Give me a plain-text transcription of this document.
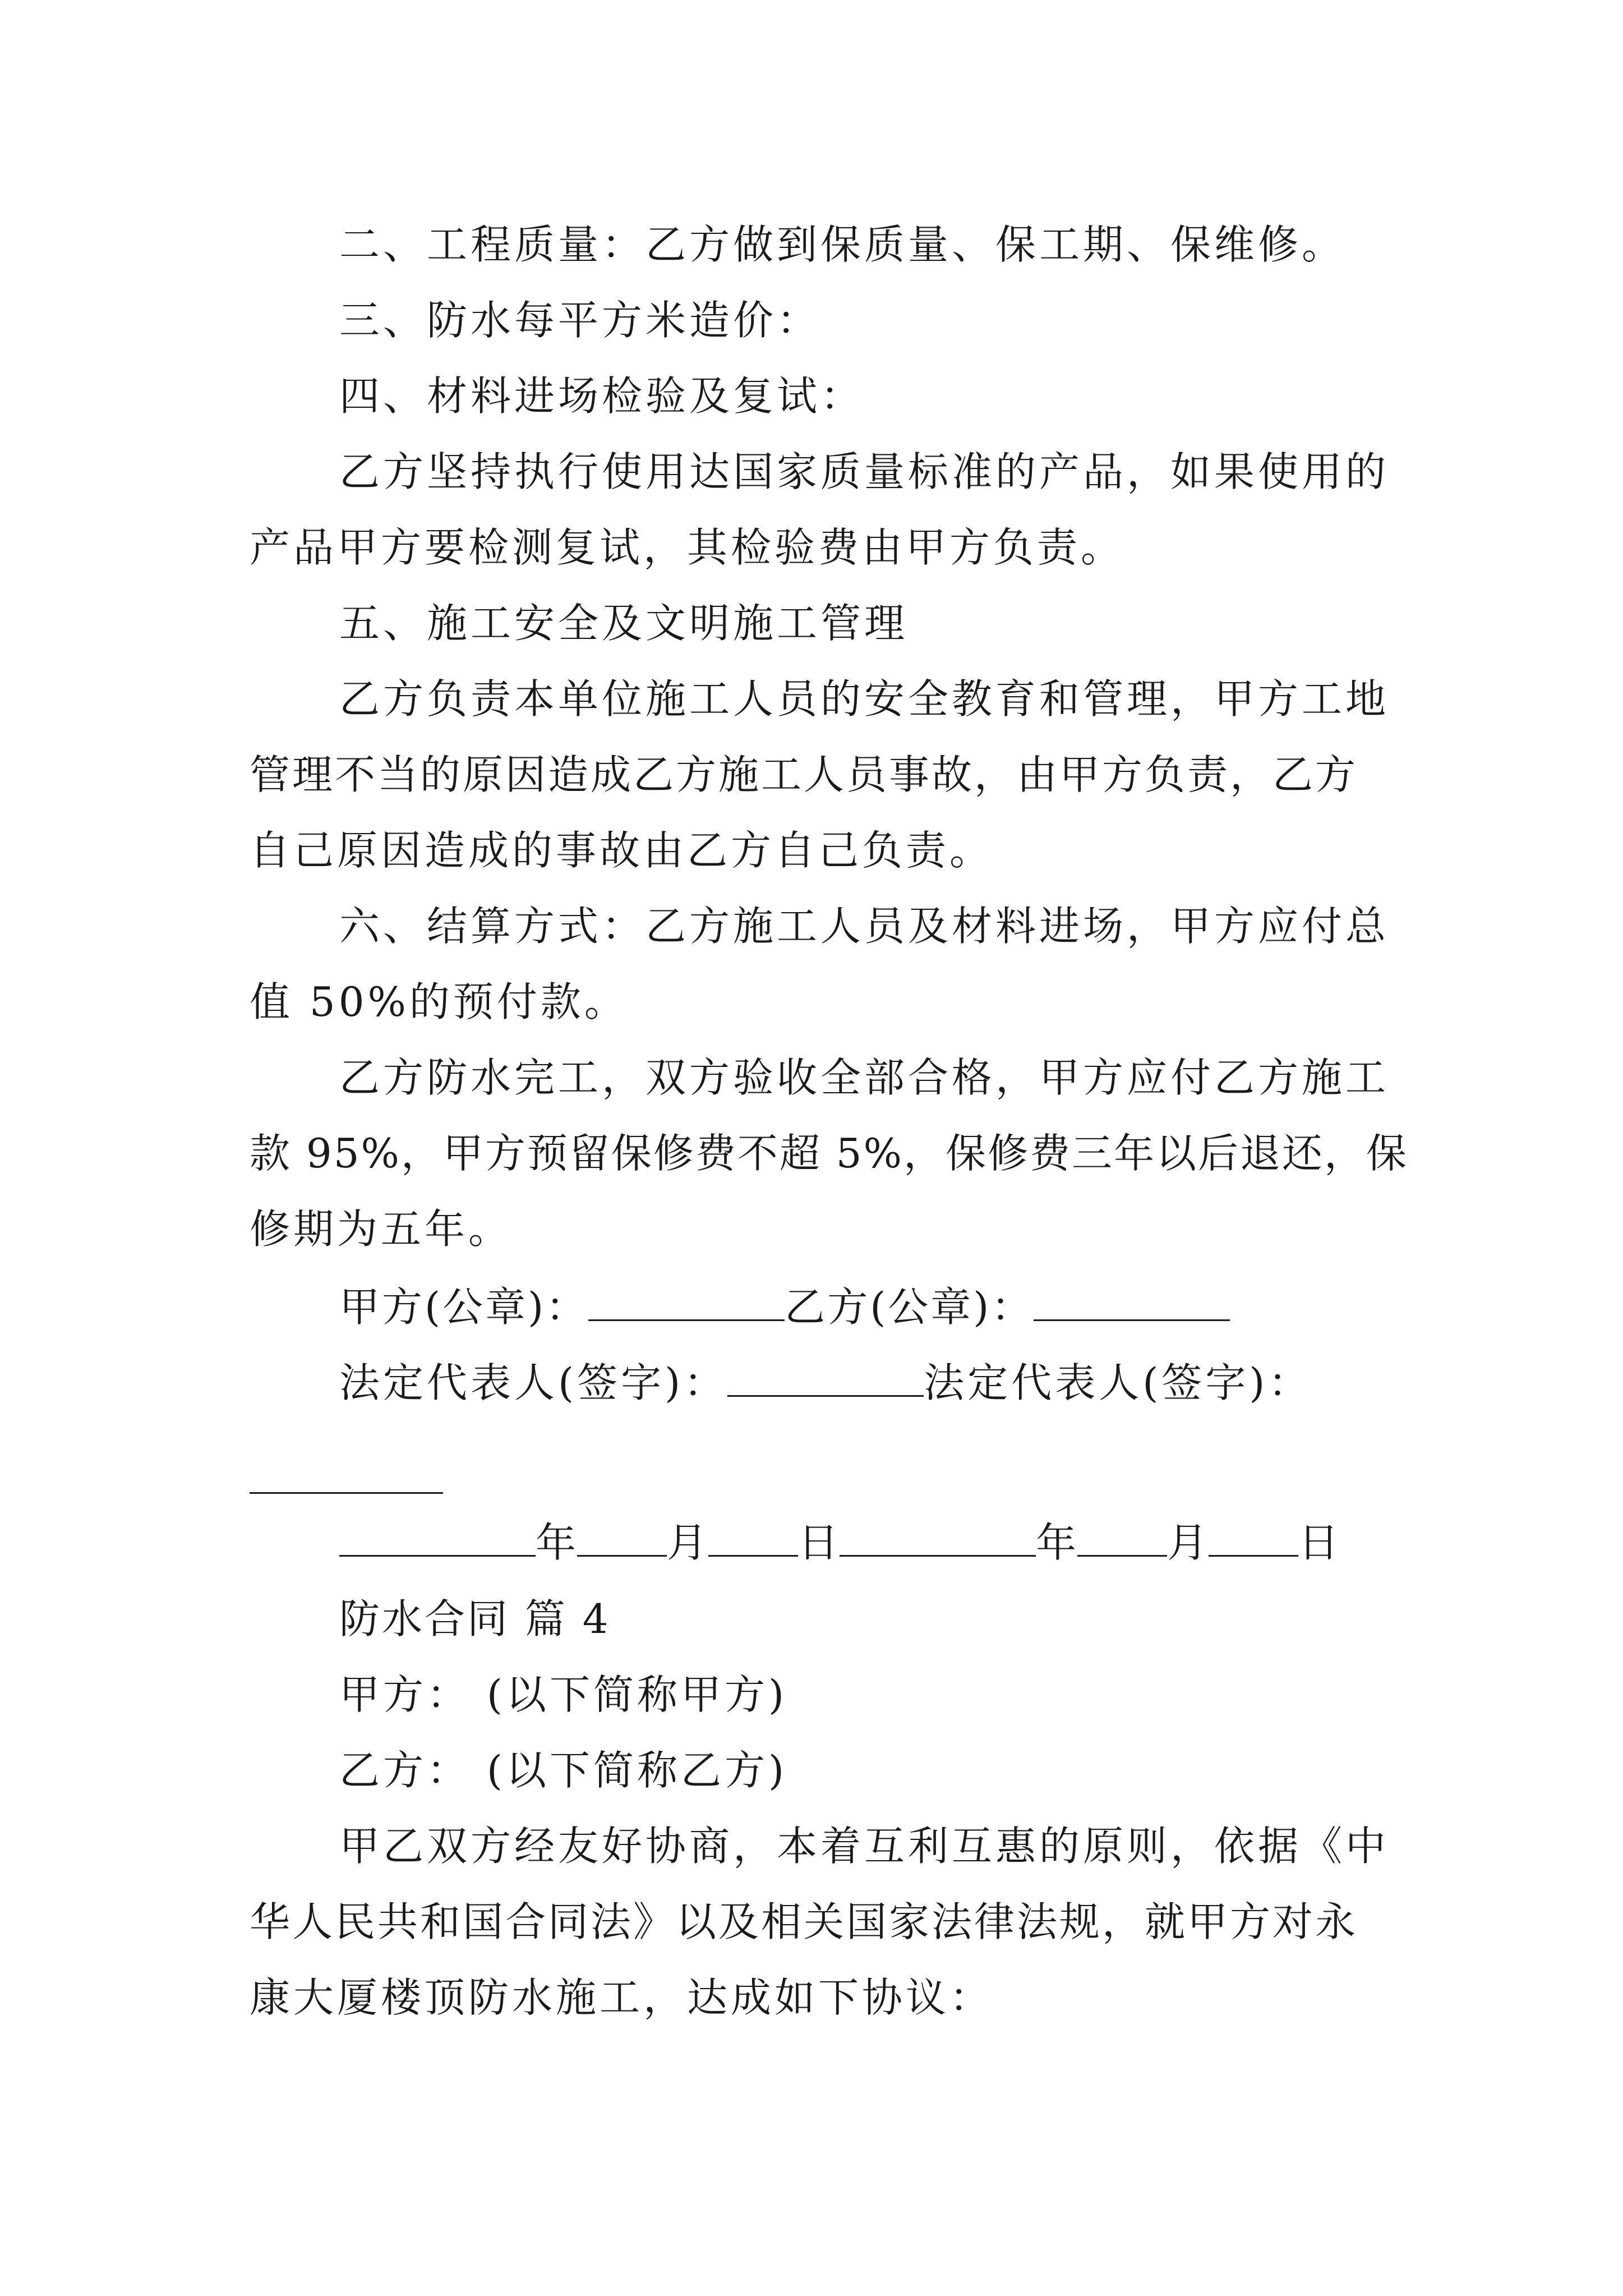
二、工程质量：乙方做到保质量、保工期、保维修。
三、防水每平方米造价：
四、材料进场检验及复试：
乙方坚持执行使用达国家质量标准的产品，如果使用的
产品甲方要检测复试，其检验费由甲方负责。
五、施工安全及文明施工管理
乙方负责本单位施工人员的安全教育和管理，甲方工地
管理不当的原因造成乙方施工人员事故，由甲方负责，乙方
自己原因造成的事故由乙方自己负责。
六、结算方式：乙方施工人员及材料进场，甲方应付总
值 50%的预付款。
乙方防水完工，双方验收全部合格，甲方应付乙方施工
款 95%，甲方预留保修费不超 5%，保修费三年以后退还，保
修期为五年。
甲方(公章)：	乙方(公章)：
法定代表人(签字)：	法定代表人(签字)：
年 月 日	年 月 日
防水合同 篇 4
甲方： (以下简称甲方)
乙方： (以下简称乙方)
甲乙双方经友好协商，本着互利互惠的原则，依据《中
华人民共和国合同法》以及相关国家法律法规，就甲方对永
康大厦楼顶防水施工，达成如下协议：
